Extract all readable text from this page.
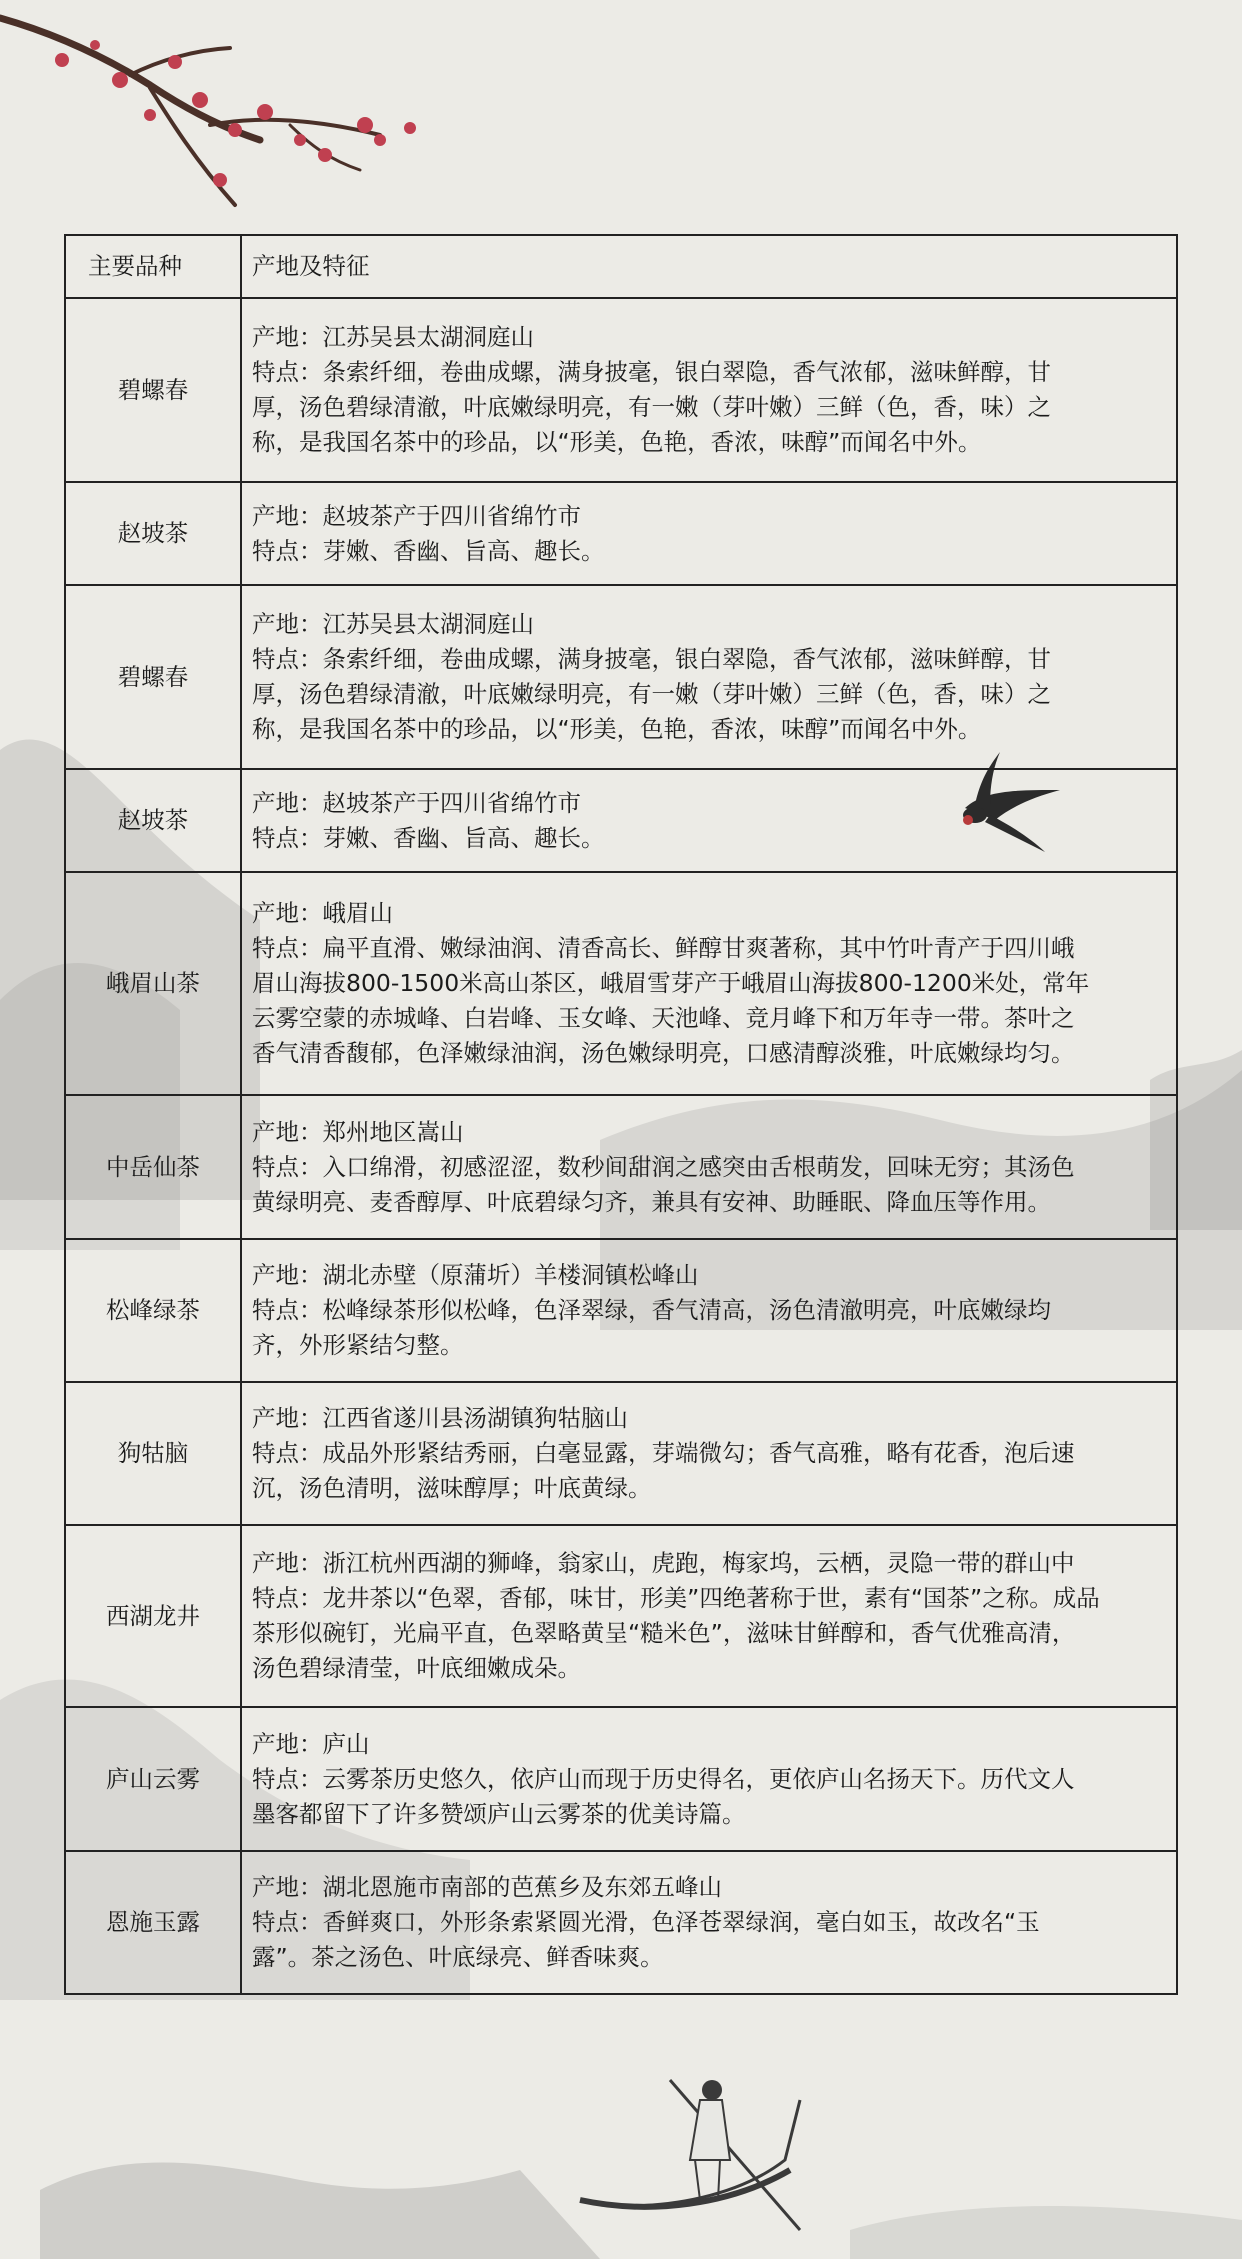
主要品种	产地及特征
碧螺春	产地：江苏吴县太湖洞庭山
特点：条索纤细，卷曲成螺，满身披毫，银白翠隐，香气浓郁，滋味鲜醇，甘
厚，汤色碧绿清澈，叶底嫩绿明亮，有一嫩（芽叶嫩）三鲜（色，香，味）之
称，是我国名茶中的珍品，以“形美，色艳，香浓，味醇”而闻名中外。

赵坡茶	产地：赵坡茶产于四川省绵竹市
特点：芽嫩、香幽、旨高、趣长。

碧螺春	产地：江苏吴县太湖洞庭山
特点：条索纤细，卷曲成螺，满身披毫，银白翠隐，香气浓郁，滋味鲜醇，甘
厚，汤色碧绿清澈，叶底嫩绿明亮，有一嫩（芽叶嫩）三鲜（色，香，味）之
称，是我国名茶中的珍品，以“形美，色艳，香浓，味醇”而闻名中外。

赵坡茶	产地：赵坡茶产于四川省绵竹市
特点：芽嫩、香幽、旨高、趣长。

峨眉山茶	产地：峨眉山
特点：扁平直滑、嫩绿油润、清香高长、鲜醇甘爽著称，其中竹叶青产于四川峨
眉山海拔800-1500米高山茶区，峨眉雪芽产于峨眉山海拔800-1200米处，常年
云雾空蒙的赤城峰、白岩峰、玉女峰、天池峰、竞月峰下和万年寺一带。茶叶之
香气清香馥郁，色泽嫩绿油润，汤色嫩绿明亮，口感清醇淡雅，叶底嫩绿均匀。

中岳仙茶	产地：郑州地区嵩山
特点：入口绵滑，初感涩涩，数秒间甜润之感突由舌根萌发，回味无穷；其汤色
黄绿明亮、麦香醇厚、叶底碧绿匀齐，兼具有安神、助睡眠、降血压等作用。

松峰绿茶	产地：湖北赤壁（原蒲圻）羊楼洞镇松峰山
特点：松峰绿茶形似松峰，色泽翠绿，香气清高，汤色清澈明亮，叶底嫩绿均
齐，外形紧结匀整。

狗牯脑	产地：江西省遂川县汤湖镇狗牯脑山
特点：成品外形紧结秀丽，白毫显露，芽端微勾；香气高雅，略有花香，泡后速
沉，汤色清明，滋味醇厚；叶底黄绿。

西湖龙井	产地：浙江杭州西湖的狮峰，翁家山，虎跑，梅家坞，云栖，灵隐一带的群山中
特点：龙井茶以“色翠，香郁，味甘，形美”四绝著称于世，素有“国茶”之称。成品
茶形似碗钉，光扁平直，色翠略黄呈“糙米色”，滋味甘鲜醇和，香气优雅高清，
汤色碧绿清莹，叶底细嫩成朵。

庐山云雾	产地：庐山
特点：云雾茶历史悠久，依庐山而现于历史得名，更依庐山名扬天下。历代文人
墨客都留下了许多赞颂庐山云雾茶的优美诗篇。

恩施玉露	产地：湖北恩施市南部的芭蕉乡及东郊五峰山
特点：香鲜爽口，外形条索紧圆光滑，色泽苍翠绿润，毫白如玉，故改名“玉
露”。茶之汤色、叶底绿亮、鲜香味爽。
